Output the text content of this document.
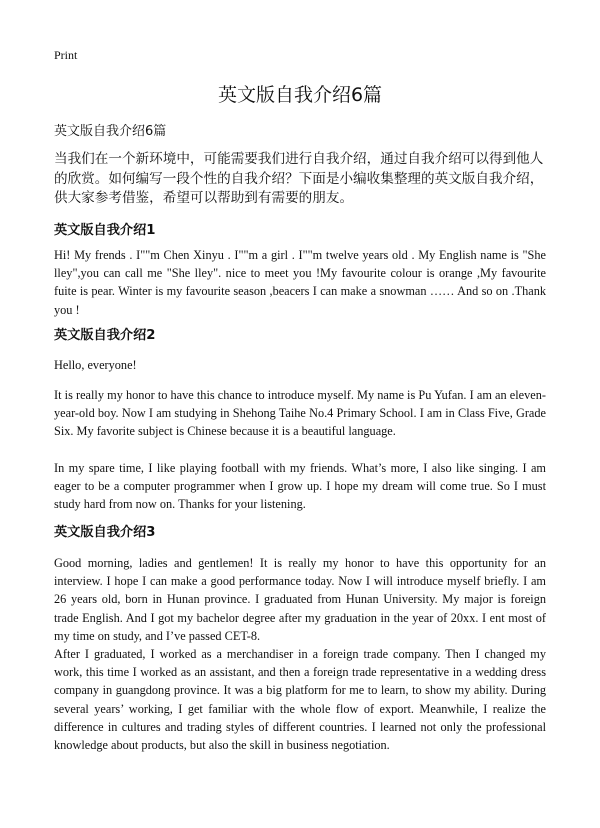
Print
英文版自我介绍6篇
英文版自我介绍6篇

当我们在一个新环境中，可能需要我们进行自我介绍，通过自我介绍可以得到他人的欣赏。如何编写一段个性的自我介绍？下面是小编收集整理的英文版自我介绍，供大家参考借鉴，希望可以帮助到有需要的朋友。

英文版自我介绍1

Hi! My frends . I""m Chen Xinyu . I""m a girl . I""m twelve years old . My English name is "She lley",you can call me "She lley". nice to meet you !My favourite colour is orange ,My favourite fuite is pear. Winter is my favourite season ,beacers I can make a snowman …… And so on .Thank you !

英文版自我介绍2

Hello, everyone!

It is really my honor to have this chance to introduce myself. My name is Pu Yufan. I am an eleven-year-old boy. Now I am studying in Shehong Taihe No.4 Primary School. I am in Class Five, Grade Six. My favorite subject is Chinese because it is a beautiful language.

In my spare time, I like playing football with my friends. What’s more, I also like singing. I am eager to be a computer programmer when I grow up. I hope my dream will come true. So I must study hard from now on. Thanks for your listening.

英文版自我介绍3

Good morning, ladies and gentlemen! It is really my honor to have this opportunity for an interview. I hope I can make a good performance today. Now I will introduce myself briefly. I am 26 years old, born in Hunan province. I graduated from Hunan University. My major is foreign trade English. And I got my bachelor degree after my graduation in the year of 20xx. I ent most of my time on study, and I’ve passed CET-8.

After I graduated, I worked as a merchandiser in a foreign trade company. Then I changed my work, this time I worked as an assistant, and then a foreign trade representative in a wedding dress company in guangdong province. It was a big platform for me to learn, to show my ability. During several years’ working, I get familiar with the whole flow of export. Meanwhile, I realize the difference in cultures and trading styles of different countries. I learned not only the professional knowledge about products, but also the skill in business negotiation.
